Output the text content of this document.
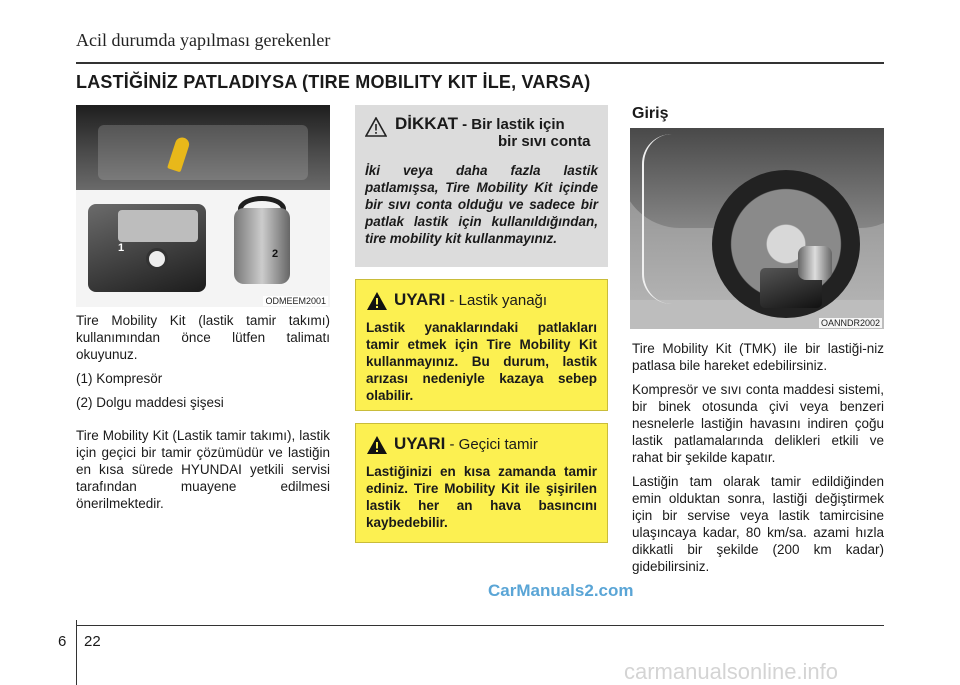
Acil durumda yapılması gerekenler
LASTİĞİNİZ PATLADIYSA (TIRE MOBILITY KIT İLE, VARSA)
1	2
ODMEEM2001

Tire Mobility Kit (lastik tamir takımı) kullanımından önce lütfen talimatı okuyunuz.

(1) Kompresör

(2) Dolgu maddesi şişesi

Tire Mobility Kit (Lastik tamir takımı), lastik için geçici bir tamir çözümüdür ve lastiğin en kısa sürede HYUNDAI yetkili servisi tarafından muayene edilmesi önerilmektedir.

DİKKAT - Bir lastik için
bir sıvı conta
İki veya daha fazla lastik patlamışsa, Tire Mobility Kit içinde bir sıvı conta olduğu ve sadece bir patlak lastik için kullanıldığından, tire mobility kit kullanmayınız.
UYARI - Lastik yanağı
Lastik yanaklarındaki patlakları tamir etmek için Tire Mobility Kit kullanmayınız. Bu durum, lastik arızası nedeniyle kazaya sebep olabilir.
UYARI - Geçici tamir
Lastiğinizi en kısa zamanda tamir ediniz. Tire Mobility Kit ile şişirilen lastik her an hava basıncını kaybedebilir.
Giriş
OANNDR2002

Tire Mobility Kit (TMK) ile bir lastiği-niz patlasa bile hareket edebilirsiniz.

Kompresör ve sıvı conta maddesi sistemi, bir binek otosunda çivi veya benzeri nesnelerle lastiğin havasını indiren çoğu lastik patlamalarında delikleri etkili ve rahat bir şekilde kapatır.

Lastiğin tam olarak tamir edildiğinden emin olduktan sonra, lastiği değiştirmek için bir servise veya lastik tamircisine ulaşıncaya kadar, 80 km/sa. azami hızla dikkatli bir şekilde (200 km kadar) gidebilirsiniz.

CarManuals2.com
6 22
carmanualsonline.info
